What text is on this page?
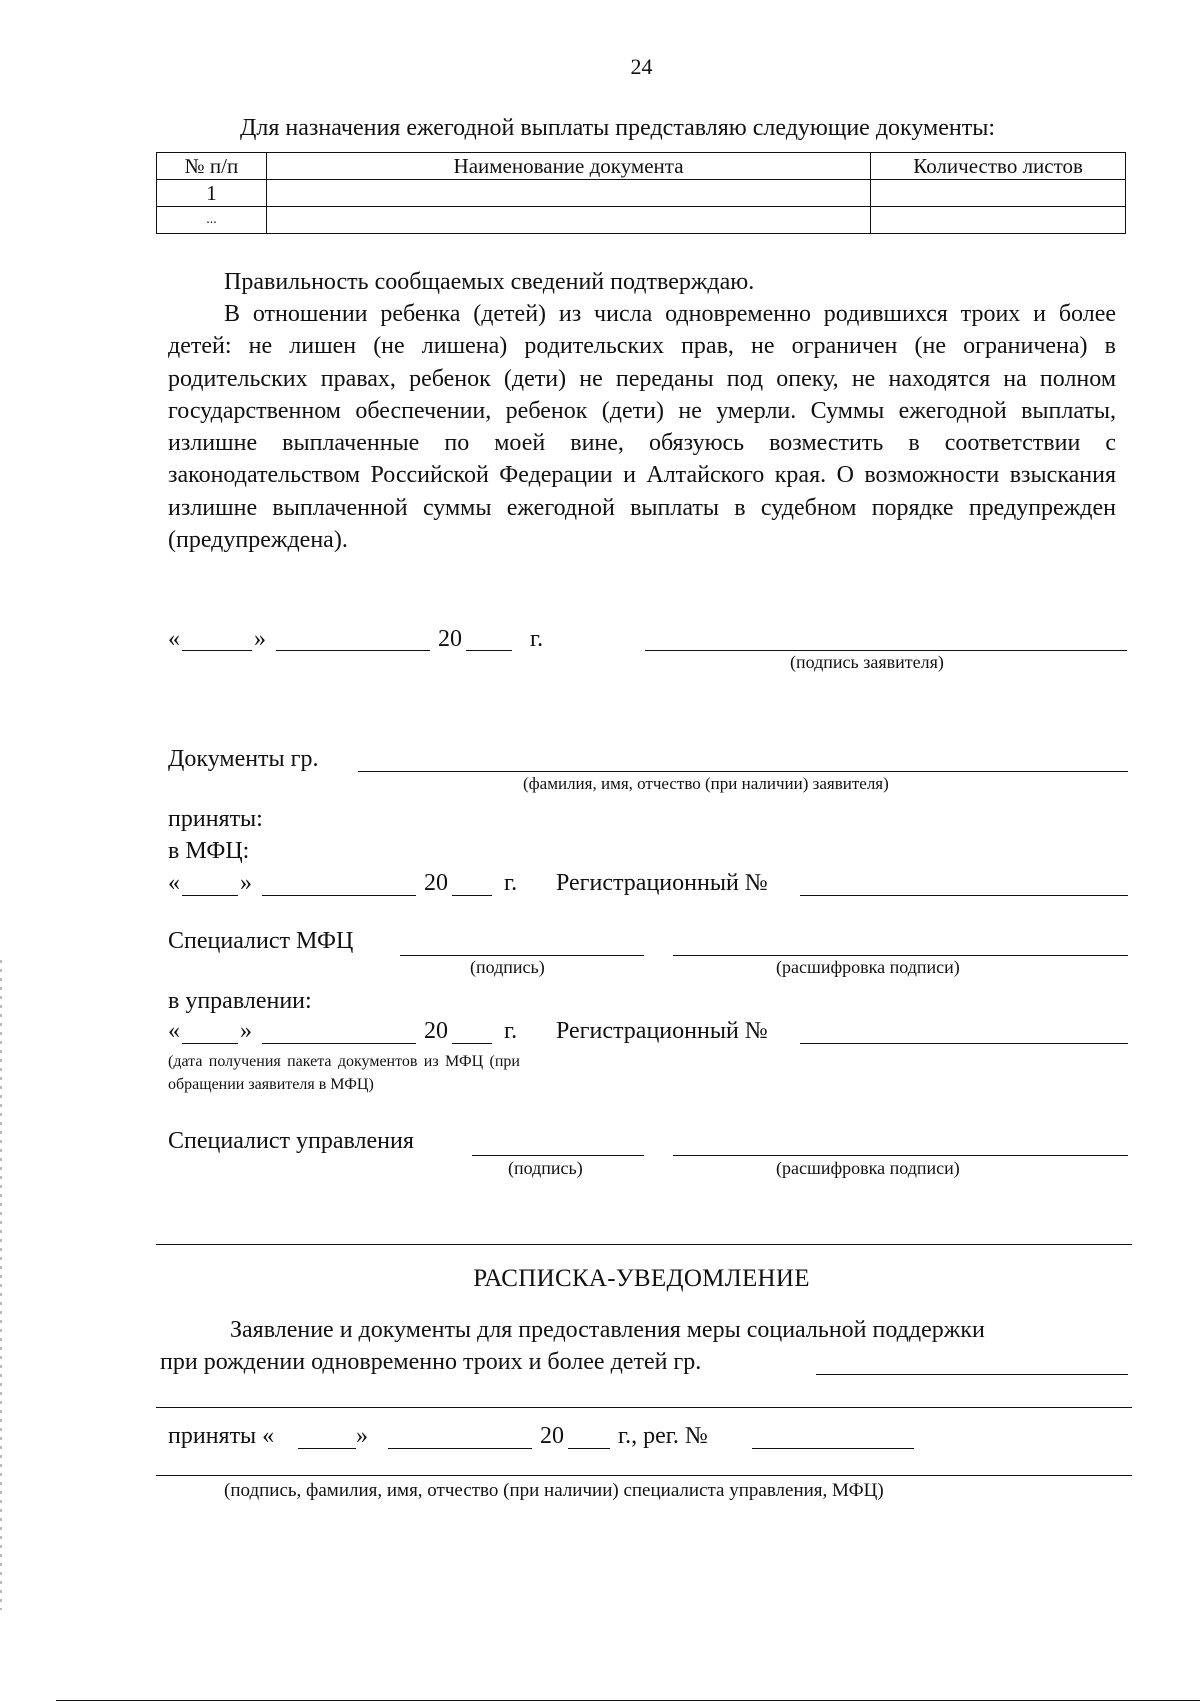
24
Для назначения ежегодной выплаты представляю следующие документы:
№ п/п	Наименование документа	Количество листов
1		
...		
Правильность сообщаемых сведений подтверждаю.
В отношении ребенка (детей) из числа одновременно родившихся троих и более детей: не лишен (не лишена) родительских прав, не ограничен (не ограничена) в родительских правах, ребенок (дети) не переданы под опеку, не находятся на полном государственном обеспечении, ребенок (дети) не умерли. Суммы ежегодной выплаты, излишне выплаченные по моей вине, обязуюсь возместить в соответствии с законодательством Российской Федерации и Алтайского края. О возможности взыскания излишне выплаченной суммы ежегодной выплаты в судебном порядке предупрежден (предупреждена).
«	»	20	г.
(подпись заявителя)
Документы гр.
(фамилия, имя, отчество (при наличии) заявителя)
приняты:
в МФЦ:
«	»	20 г. Регистрационный №
Специалист МФЦ
(подпись)	(расшифровка подписи)
в управлении:
«	»	20 г. Регистрационный №
(дата получения пакета документов из МФЦ (при обращении заявителя в МФЦ)
Специалист управления
(подпись)	(расшифровка подписи)
РАСПИСКА-УВЕДОМЛЕНИЕ
Заявление и документы для предоставления меры социальной поддержки
при рождении одновременно троих и более детей гр.
приняты «	»	20 г., рег. №
(подпись, фамилия, имя, отчество (при наличии) специалиста управления, МФЦ)
